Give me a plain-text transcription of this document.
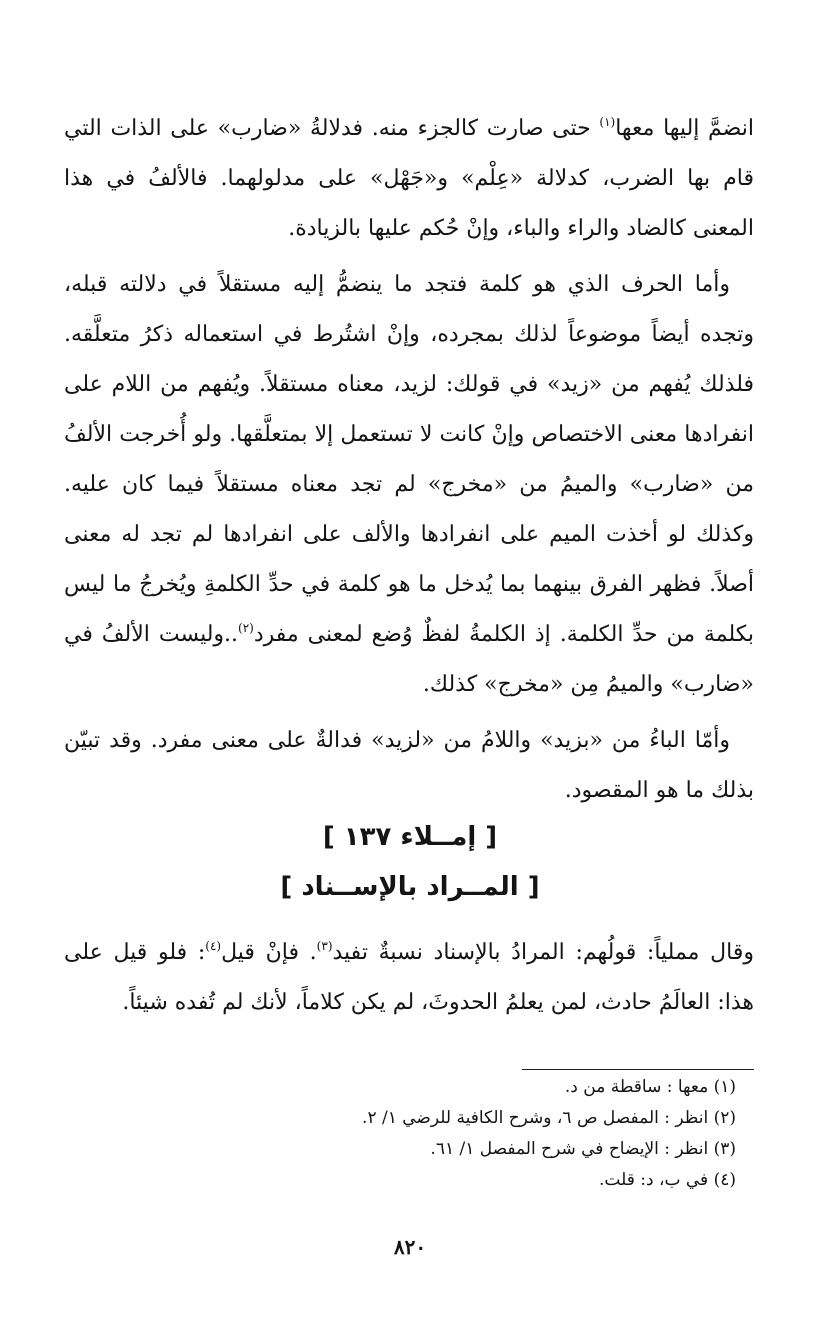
انضمَّ إليها معها$^{(١)}$ حتى صارت كالجزء منه. فدلالةُ «ضارب» على الذات التي قام بها الضرب، كدلالة «عِلْم» و«جَهْل» على مدلولهما. فالألفُ في هذا المعنى كالضاد والراء والباء، وإنْ حُكم عليها بالزيادة.

وأما الحرف الذي هو كلمة فتجد ما ينضمُّ إليه مستقلاً في دلالته قبله، وتجده أيضاً موضوعاً لذلك بمجرده، وإنْ اشتُرط في استعماله ذكرُ متعلَّقه. فلذلك يُفهم من «زيد» في قولك: لزيد، معناه مستقلاً. ويُفهم من اللام على انفرادها معنى الاختصاص وإنْ كانت لا تستعمل إلا بمتعلَّقها. ولو أُخرجت الألفُ من «ضارب» والميمُ من «مخرج» لم تجد معناه مستقلاً فيما كان عليه. وكذلك لو أخذت الميم على انفرادها والألف على انفرادها لم تجد له معنى أصلاً. فظهر الفرق بينهما بما يُدخل ما هو كلمة في حدِّ الكلمةِ ويُخرجُ ما ليس بكلمة من حدِّ الكلمة. إذ الكلمةُ لفظٌ وُضع لمعنى مفرد$^{(٢)}$..وليست الألفُ في «ضارب» والميمُ مِن «مخرج» كذلك.

وأمّا الباءُ من «بزيد» واللامُ من «لزيد» فدالةٌ على معنى مفرد. وقد تبيّن بذلك ما هو المقصود.

[ إمــلاء ١٣٧ ]
[ المــراد بالإســناد ]

وقال مملياً: قولُهم: المرادُ بالإسناد نسبةٌ تفيد$^{(٣)}$. فإنْ قيل$^{(٤)}$: فلو قيل على هذا: العالَمُ حادث، لمن يعلمُ الحدوثَ، لم يكن كلاماً، لأنك لم تُفده شيئاً.

(١) معها : ساقطة من د.
(٢) انظر : المفصل ص ٦، وشرح الكافية للرضي ١/ ٢.
(٣) انظر : الإيضاح في شرح المفصل ١/ ٦١.
(٤) في ب، د: قلت.
٨٢٠
